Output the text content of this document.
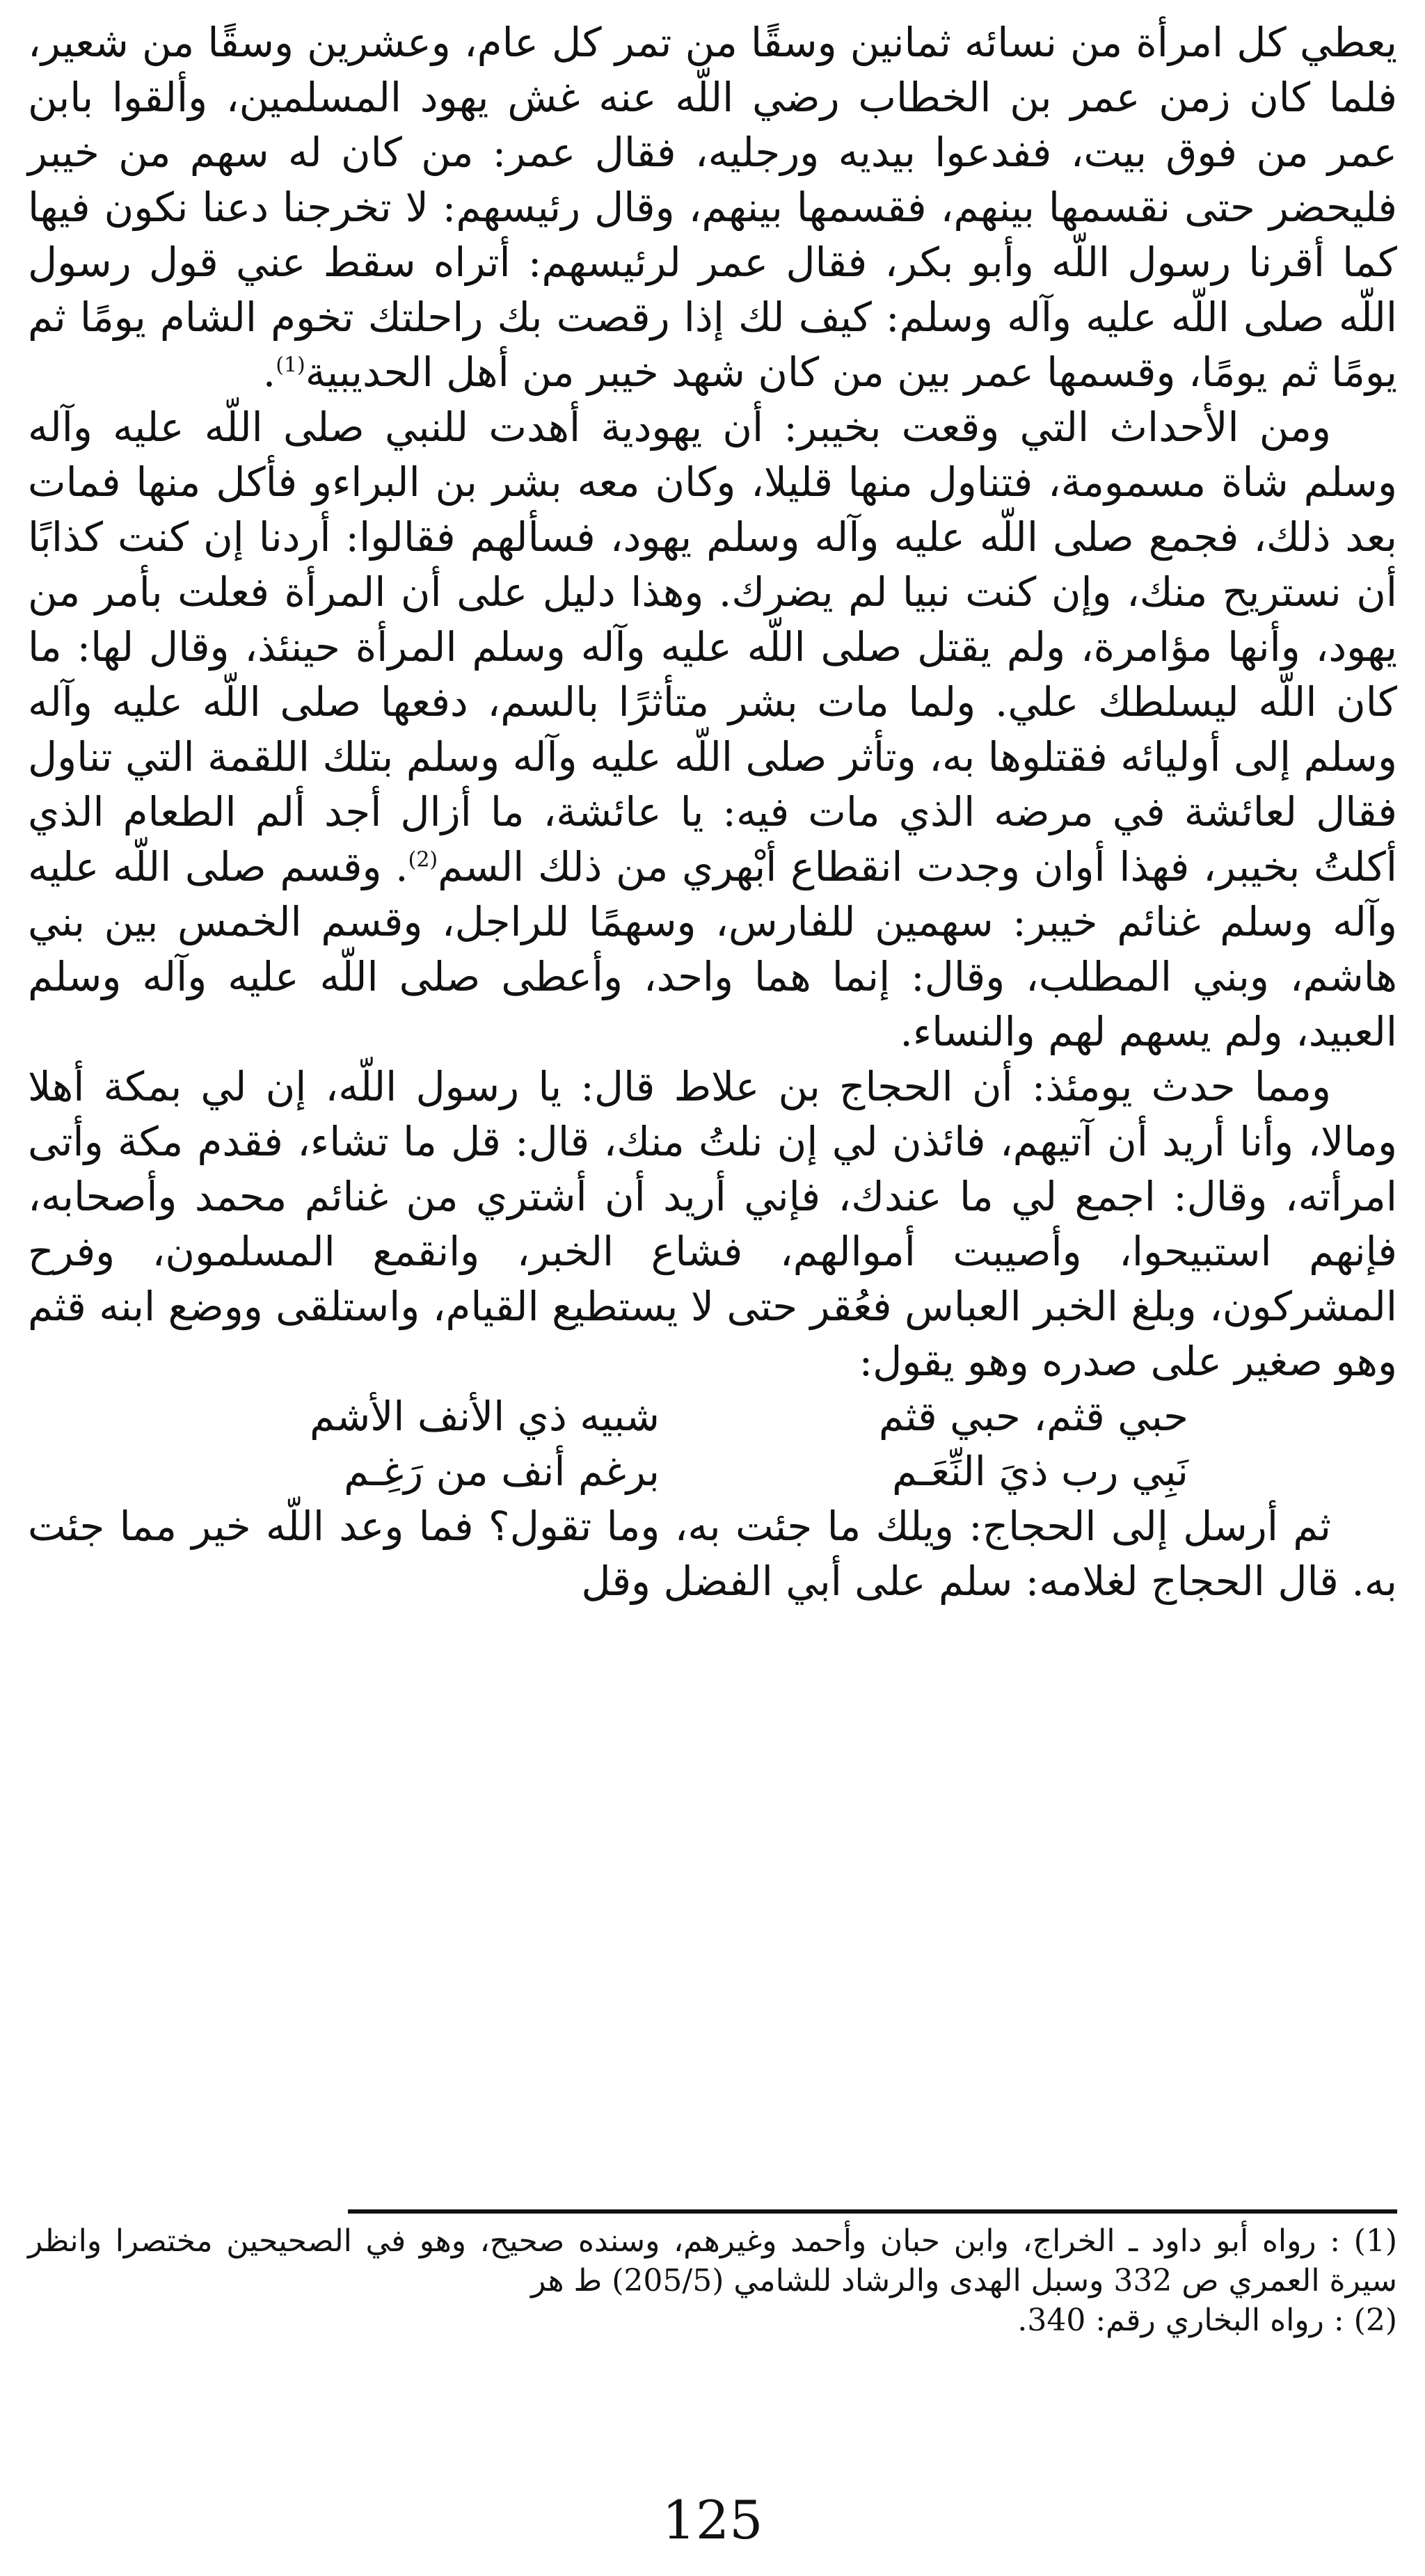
يعطي كل امرأة من نسائه ثمانين وسقًا من تمر كل عام، وعشرين وسقًا من شعير، فلما كان زمن عمر بن الخطاب رضي اللّه عنه غش يهود المسلمين، وألقوا بابن عمر من فوق بيت، ففدعوا بيديه ورجليه، فقال عمر: من كان له سهم من خيبر فليحضر حتى نقسمها بينهم، فقسمها بينهم، وقال رئيسهم: لا تخرجنا دعنا نكون فيها كما أقرنا رسول اللّه وأبو بكر، فقال عمر لرئيسهم: أتراه سقط عني قول رسول اللّه صلى اللّه عليه وآله وسلم: كيف لك إذا رقصت بك راحلتك تخوم الشام يومًا ثم يومًا ثم يومًا، وقسمها عمر بين من كان شهد خيبر من أهل الحديبية$^{(1)}$.

ومن الأحداث التي وقعت بخيبر: أن يهودية أهدت للنبي صلى اللّه عليه وآله وسلم شاة مسمومة، فتناول منها قليلا، وكان معه بشر بن البراءو فأكل منها فمات بعد ذلك، فجمع صلى اللّه عليه وآله وسلم يهود، فسألهم فقالوا: أردنا إن كنت كذابًا أن نستريح منك، وإن كنت نبيا لم يضرك. وهذا دليل على أن المرأة فعلت بأمر من يهود، وأنها مؤامرة، ولم يقتل صلى اللّه عليه وآله وسلم المرأة حينئذ، وقال لها: ما كان اللّه ليسلطك علي. ولما مات بشر متأثرًا بالسم، دفعها صلى اللّه عليه وآله وسلم إلى أوليائه فقتلوها به، وتأثر صلى اللّه عليه وآله وسلم بتلك اللقمة التي تناول فقال لعائشة في مرضه الذي مات فيه: يا عائشة، ما أزال أجد ألم الطعام الذي أكلتُ بخيبر، فهذا أوان وجدت انقطاع أبْهري من ذلك السم$^{(2)}$. وقسم صلى اللّه عليه وآله وسلم غنائم خيبر: سهمين للفارس، وسهمًا للراجل، وقسم الخمس بين بني هاشم، وبني المطلب، وقال: إنما هما واحد، وأعطى صلى اللّه عليه وآله وسلم العبيد، ولم يسهم لهم والنساء.

ومما حدث يومئذ: أن الحجاج بن علاط قال: يا رسول اللّه، إن لي بمكة أهلا ومالا، وأنا أريد أن آتيهم، فائذن لي إن نلتُ منك، قال: قل ما تشاء، فقدم مكة وأتى امرأته، وقال: اجمع لي ما عندك، فإني أريد أن أشتري من غنائم محمد وأصحابه، فإنهم استبيحوا، وأصيبت أموالهم، فشاع الخبر، وانقمع المسلمون، وفرح المشركون، وبلغ الخبر العباس فعُقر حتى لا يستطيع القيام، واستلقى ووضع ابنه قثم وهو صغير على صدره وهو يقول:

حبي قثم، حبي قثم
شبيه ذي الأنف الأشم
نَبِي رب ذيَ النِّعَـم
برغم أنف من رَغِـم

ثم أرسل إلى الحجاج: ويلك ما جئت به، وما تقول؟ فما وعد اللّه خير مما جئت به. قال الحجاج لغلامه: سلم على أبي الفضل وقل

(1) : رواه أبو داود ـ الخراج، وابن حبان وأحمد وغيرهم، وسنده صحيح، وهو في الصحيحين مختصرا وانظر سيرة العمري ص 332 وسبل الهدى والرشاد للشامي (205/5) ط هر

(2) : رواه البخاري رقم: 340.

125
